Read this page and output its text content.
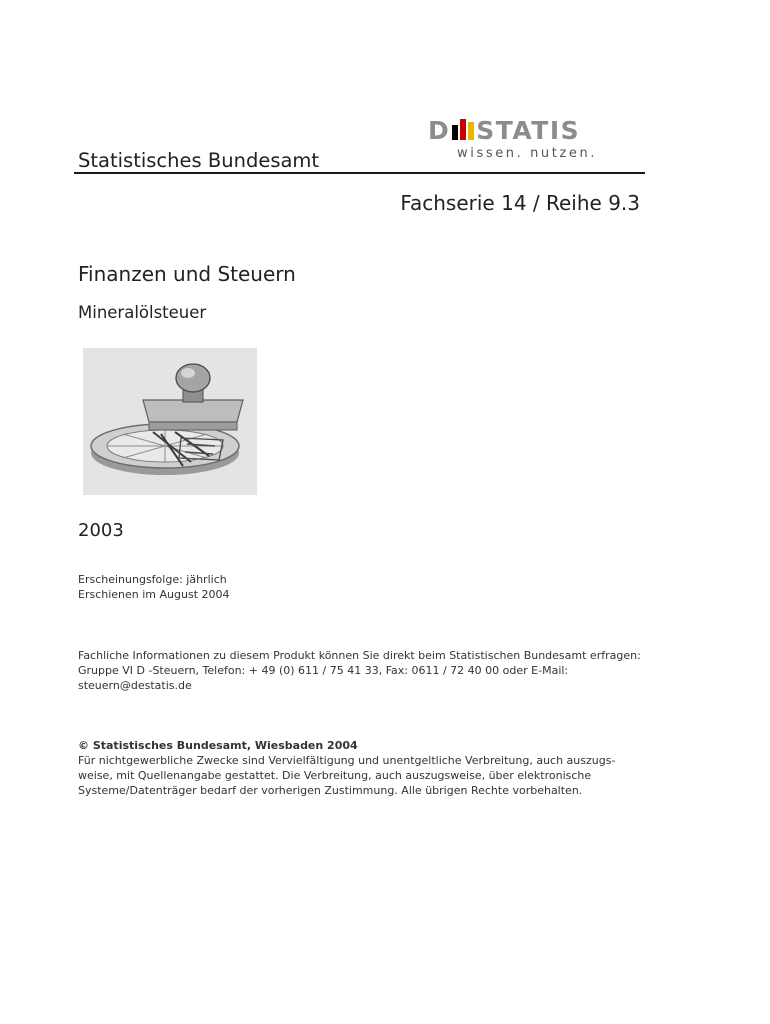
D STATIS
wissen. nutzen.
Statistisches Bundesamt
Fachserie 14 / Reihe 9.3
Finanzen und Steuern
Mineralölsteuer
2003
Erscheinungsfolge: jährlich
Erschienen im August 2004
Fachliche Informationen zu diesem Produkt können Sie direkt beim Statistischen Bundesamt erfragen:
Gruppe VI D -Steuern, Telefon: + 49 (0) 611 / 75 41 33, Fax: 0611 / 72 40 00 oder E-Mail:
steuern@destatis.de
© Statistisches Bundesamt, Wiesbaden 2004
Für nichtgewerbliche Zwecke sind Vervielfältigung und unentgeltliche Verbreitung, auch auszugs-
weise, mit Quellenangabe gestattet. Die Verbreitung, auch auszugsweise, über elektronische
Systeme/Datenträger bedarf der vorherigen Zustimmung. Alle übrigen Rechte vorbehalten.
